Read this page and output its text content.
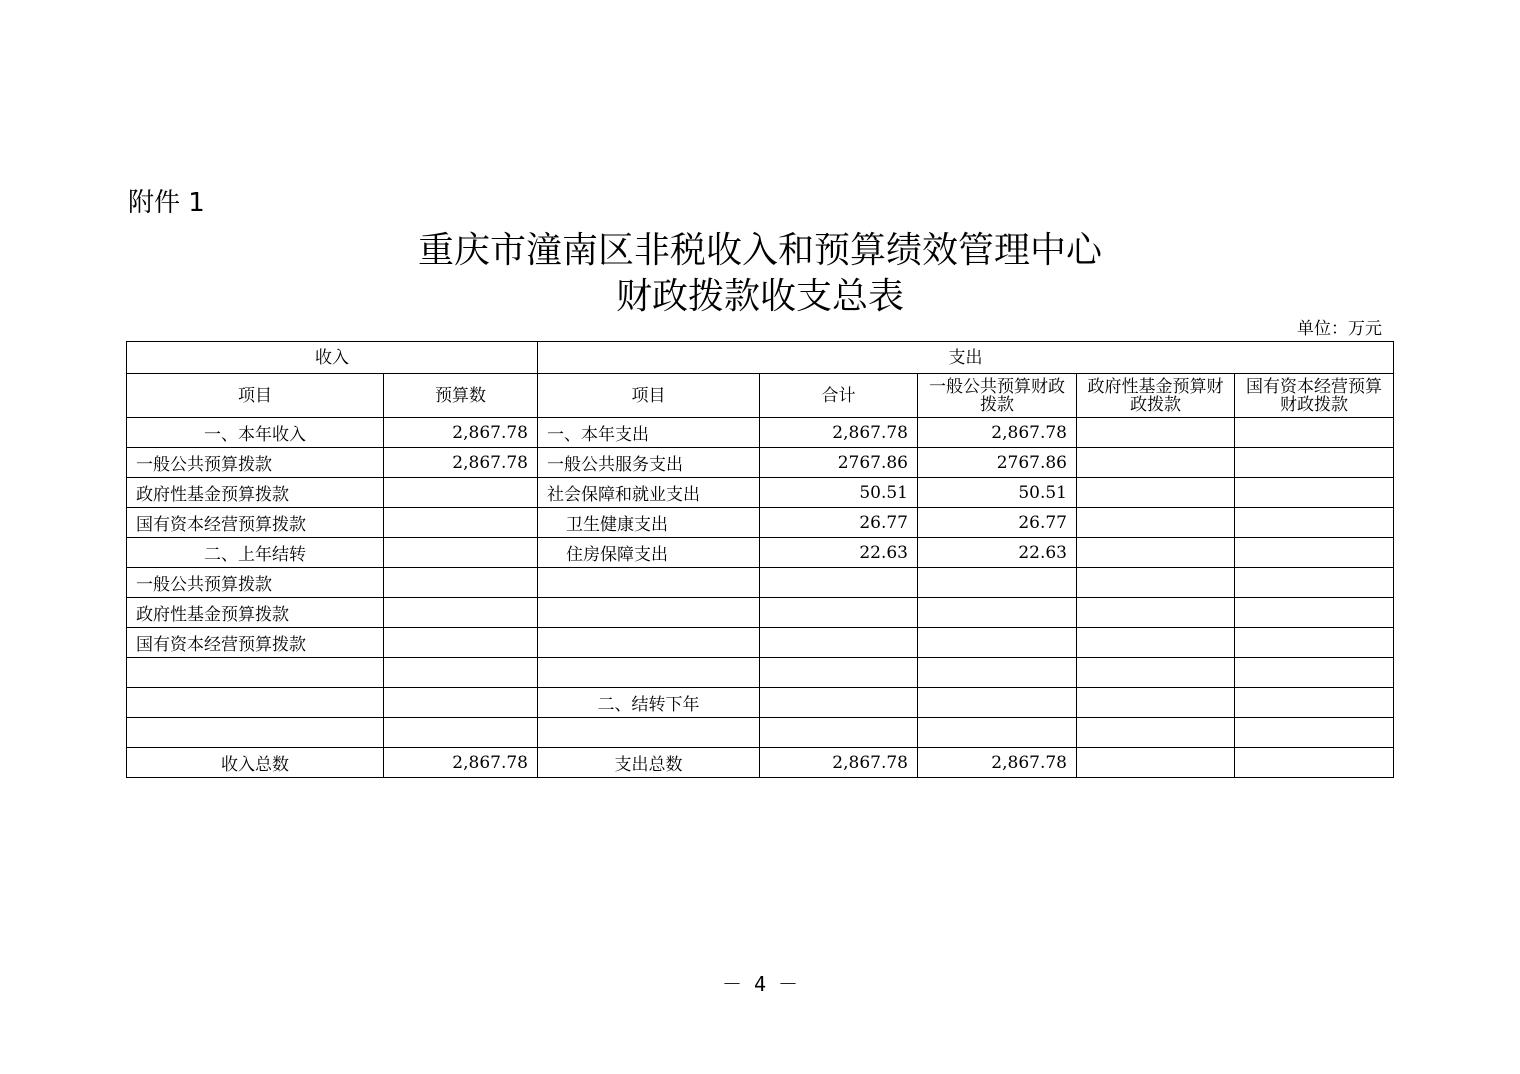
附件 1
重庆市潼南区非税收入和预算绩效管理中心
财政拨款收支总表
单位：万元
收入		支出				
项目	预算数	项目	合计	一般公共预算财政拨款	政府性基金预算财政拨款	国有资本经营预算财政拨款
一、本年收入	2,867.78	一、本年支出	2,867.78	2,867.78		
一般公共预算拨款	2,867.78	一般公共服务支出	2767.86	2767.86		
政府性基金预算拨款		社会保障和就业支出	50.51	50.51		
国有资本经营预算拨款		卫生健康支出	26.77	26.77		
二、上年结转		住房保障支出	22.63	22.63		
一般公共预算拨款						
政府性基金预算拨款						
国有资本经营预算拨款						

		二、结转下年				

收入总数	2,867.78	支出总数	2,867.78	2,867.78		
－ 4 －
